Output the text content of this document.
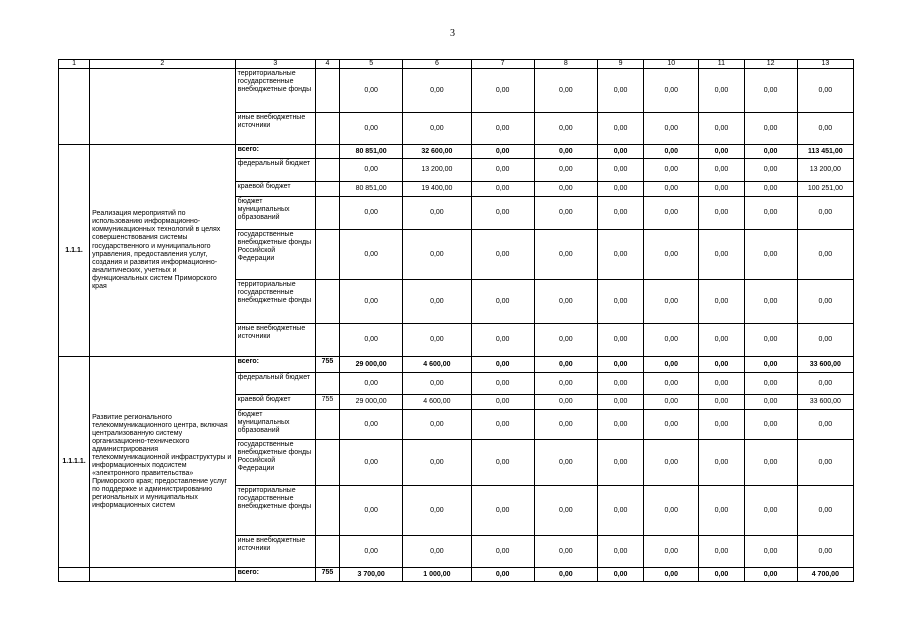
3
1	2	3	4	5	6	7	8	9	10	11	12	13
		территориальные государственные внебюджетные фонды		0,00	0,00	0,00	0,00	0,00	0,00	0,00	0,00	0,00
		иные внебюджетные источники		0,00	0,00	0,00	0,00	0,00	0,00	0,00	0,00	0,00
1.1.1.	Реализация мероприятий по использованию информационно-коммуникационных технологий в целях совершенствования системы государственного и муниципального управления, предоставления услуг, создания и развития информационно-аналитических, учетных и функциональных систем Приморского края	всего:		80 851,00	32 600,00	0,00	0,00	0,00	0,00	0,00	0,00	113 451,00
		федеральный бюджет		0,00	13 200,00	0,00	0,00	0,00	0,00	0,00	0,00	13 200,00
		краевой бюджет		80 851,00	19 400,00	0,00	0,00	0,00	0,00	0,00	0,00	100 251,00
		бюджет муниципальных образований		0,00	0,00	0,00	0,00	0,00	0,00	0,00	0,00	0,00
		государственные внебюджетные фонды Российской Федерации		0,00	0,00	0,00	0,00	0,00	0,00	0,00	0,00	0,00
		территориальные государственные внебюджетные фонды		0,00	0,00	0,00	0,00	0,00	0,00	0,00	0,00	0,00
		иные внебюджетные источники		0,00	0,00	0,00	0,00	0,00	0,00	0,00	0,00	0,00
1.1.1.1.	Развитие регионального телекоммуникационного центра, включая централизованную систему организационно-технического администрирования телекоммуникационной инфраструктуры и информационных подсистем «электронного правительства» Приморского края; предоставление услуг по поддержке и администрированию региональных и муниципальных информационных систем	всего:	755	29 000,00	4 600,00	0,00	0,00	0,00	0,00	0,00	0,00	33 600,00
		федеральный бюджет		0,00	0,00	0,00	0,00	0,00	0,00	0,00	0,00	0,00
		краевой бюджет	755	29 000,00	4 600,00	0,00	0,00	0,00	0,00	0,00	0,00	33 600,00
		бюджет муниципальных образований		0,00	0,00	0,00	0,00	0,00	0,00	0,00	0,00	0,00
		государственные внебюджетные фонды Российской Федерации		0,00	0,00	0,00	0,00	0,00	0,00	0,00	0,00	0,00
		территориальные государственные внебюджетные фонды		0,00	0,00	0,00	0,00	0,00	0,00	0,00	0,00	0,00
		иные внебюджетные источники		0,00	0,00	0,00	0,00	0,00	0,00	0,00	0,00	0,00
		всего:	755	3 700,00	1 000,00	0,00	0,00	0,00	0,00	0,00	0,00	4 700,00
